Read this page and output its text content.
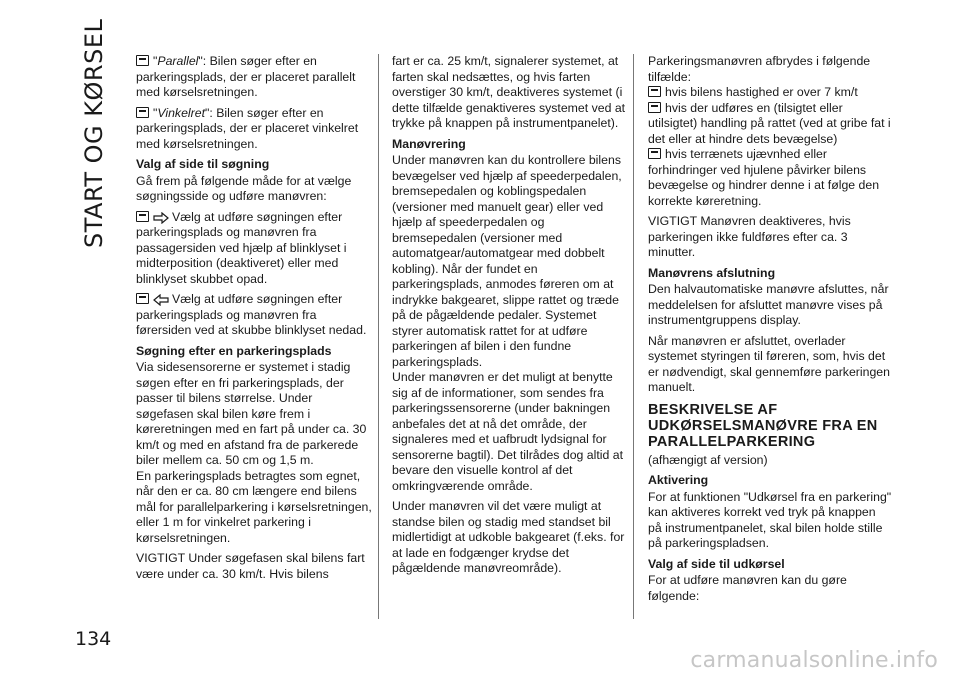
START OG KØRSEL	"Parallel": Bilen søger efter en parkeringsplads, der er placeret parallelt med kørselsretningen.

"Vinkelret": Bilen søger efter en parkeringsplads, der er placeret vinkelret med kørselsretningen.

Valg af side til søgning

Gå frem på følgende måde for at vælge søgningsside og udføre manøvren:

Vælg at udføre søgningen efter parkeringsplads og manøvren fra passagersiden ved hjælp af blinklyset i midterposition (deaktiveret) eller med blinklyset skubbet opad.

Vælg at udføre søgningen efter parkeringsplads og manøvren fra førersiden ved at skubbe blinklyset nedad.

Søgning efter en parkeringsplads

Via sidesensorerne er systemet i stadig søgen efter en fri parkeringsplads, der passer til bilens størrelse. Under søgefasen skal bilen køre frem i køreretningen med en fart på under ca. 30 km/t og med en afstand fra de parkerede biler mellem ca. 50 cm og 1,5 m.

En parkeringsplads betragtes som egnet, når den er ca. 80 cm længere end bilens mål for parallelparkering i kørselsretningen, eller 1 m for vinkelret parkering i kørselsretningen.

VIGTIGT Under søgefasen skal bilens fart være under ca. 30 km/t. Hvis bilens

fart er ca. 25 km/t, signalerer systemet, at farten skal nedsættes, og hvis farten overstiger 30 km/t, deaktiveres systemet (i dette tilfælde genaktiveres systemet ved at trykke på knappen på instrumentpanelet).

Manøvrering

Under manøvren kan du kontrollere bilens bevægelser ved hjælp af speederpedalen, bremsepedalen og koblingspedalen (versioner med manuelt gear) eller ved hjælp af speederpedalen og bremsepedalen (versioner med automatgear/automatgear med dobbelt kobling). Når der fundet en parkeringsplads, anmodes føreren om at indrykke bakgearet, slippe rattet og træde på de pågældende pedaler. Systemet styrer automatisk rattet for at udføre parkeringen af bilen i den fundne parkeringsplads.

Under manøvren er det muligt at benytte sig af de informationer, som sendes fra parkeringssensorerne (under bakningen anbefales det at nå det område, der signaleres med et uafbrudt lydsignal for sensorerne bagtil). Det tilrådes dog altid at bevare den visuelle kontrol af det omkringværende område.

Under manøvren vil det være muligt at standse bilen og stadig med standset bil midlertidigt at udkoble bakgearet (f.eks. for at lade en fodgænger krydse det pågældende manøvreområde).

Parkeringsmanøvren afbrydes i følgende tilfælde:

hvis bilens hastighed er over 7 km/t

hvis der udføres en (tilsigtet eller utilsigtet) handling på rattet (ved at gribe fat i det eller at hindre dets bevægelse)

hvis terrænets ujævnhed eller forhindringer ved hjulene påvirker bilens bevægelse og hindrer denne i at følge den korrekte køreretning.

VIGTIGT Manøvren deaktiveres, hvis parkeringen ikke fuldføres efter ca. 3 minutter.

Manøvrens afslutning

Den halvautomatiske manøvre afsluttes, når meddelelsen for afsluttet manøvre vises på instrumentgruppens display.

Når manøvren er afsluttet, overlader systemet styringen til føreren, som, hvis det er nødvendigt, skal gennemføre parkeringen manuelt.

BESKRIVELSE AF UDKØRSELSMANØVRE FRA EN PARALLELPARKERING

(afhængigt af version)

Aktivering

For at funktionen "Udkørsel fra en parkering" kan aktiveres korrekt ved tryk på knappen på instrumentpanelet, skal bilen holde stille på parkeringspladsen.

Valg af side til udkørsel

For at udføre manøvren kan du gøre følgende:

134
carmanualsonline.info
